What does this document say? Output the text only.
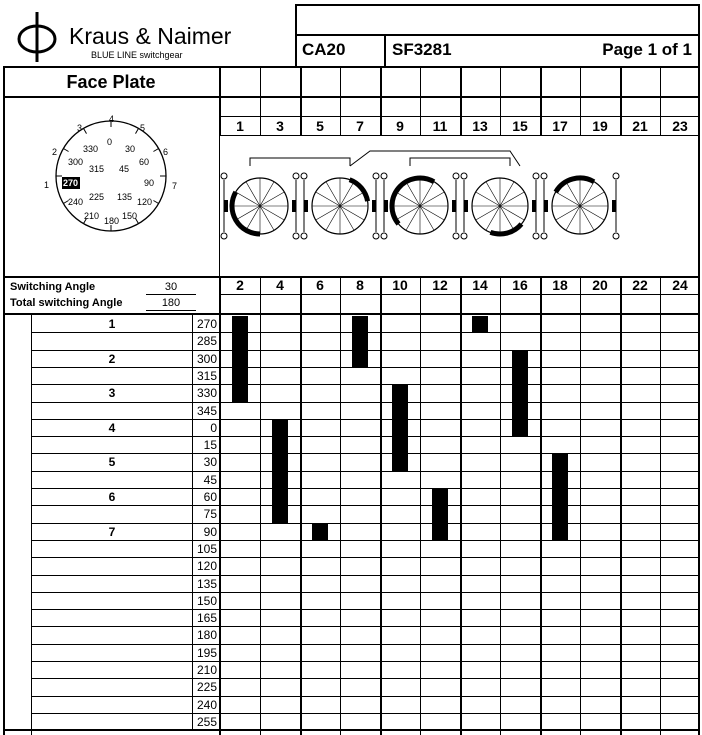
Kraus & Naimer
BLUE LINE switchgear	CA20	SF3281	Page 1 of 1
Face Plate
1
2
3
4
5
6
7
0
30
60
90
120
150
180
210
240
270
300
330
45
135
225
315
Switching Angle	30
Total switching Angle	180
1	3	5	7	9	11	13	15	17	19	21	23
2	4	6	8	10	12	14	16	18	20	22	24
1	270
285
2	300
315
3	330
345
4	0
15
5	30
45
6	60
75
7	90
105
120
135
150
165
180
195
210
225
240
255
